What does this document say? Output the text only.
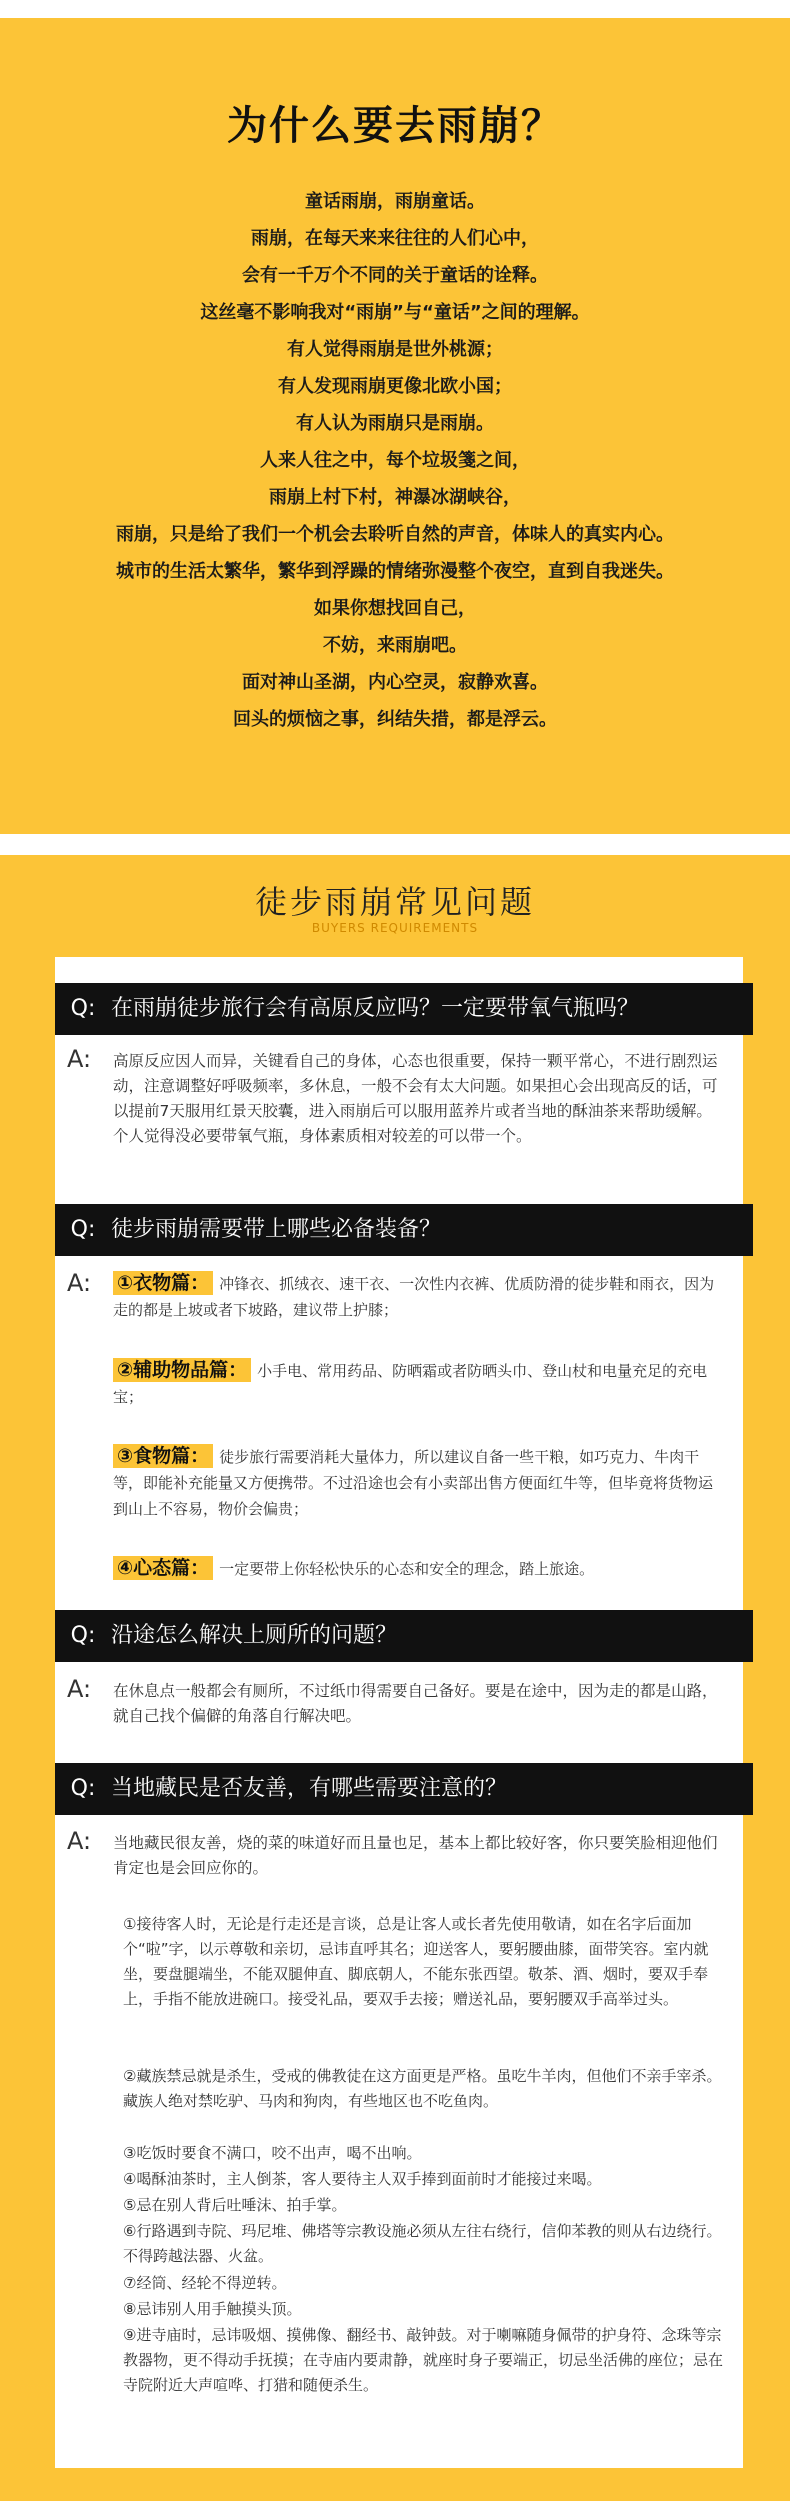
为什么要去雨崩？
童话雨崩，雨崩童话。
雨崩，在每天来来往往的人们心中，
会有一千万个不同的关于童话的诠释。
这丝毫不影响我对“雨崩”与“童话”之间的理解。
有人觉得雨崩是世外桃源；
有人发现雨崩更像北欧小国；
有人认为雨崩只是雨崩。
人来人往之中，每个垃圾箋之间，
雨崩上村下村，神瀑冰湖峡谷，
雨崩，只是给了我们一个机会去聆听自然的声音，体味人的真实内心。
城市的生活太繁华，繁华到浮躁的情绪弥漫整个夜空，直到自我迷失。
如果你想找回自己，
不妨，来雨崩吧。
面对神山圣湖，内心空灵，寂静欢喜。
回头的烦恼之事，纠结失措，都是浮云。
徒步雨崩常见问题
BUYERS REQUIREMENTS
Q: 在雨崩徒步旅行会有高原反应吗？一定要带氧气瓶吗？
A: 高原反应因人而异，关键看自己的身体，心态也很重要，保持一颗平常心，不进行剧烈运动，注意调整好呼吸频率，多休息，一般不会有太大问题。如果担心会出现高反的话，可以提前7天服用红景天胶囊，进入雨崩后可以服用蓝养片或者当地的酥油茶来帮助缓解。个人觉得没必要带氧气瓶，身体素质相对较差的可以带一个。
Q: 徒步雨崩需要带上哪些必备装备？
A: ①衣物篇： 冲锋衣、抓绒衣、速干衣、一次性内衣裤、优质防滑的徒步鞋和雨衣，因为走的都是上坡或者下坡路，建议带上护膝；
②辅助物品篇： 小手电、常用药品、防晒霜或者防晒头巾、登山杖和电量充足的充电宝；
③食物篇： 徒步旅行需要消耗大量体力，所以建议自备一些干粮，如巧克力、牛肉干等，即能补充能量又方便携带。不过沿途也会有小卖部出售方便面红牛等，但毕竟将货物运到山上不容易，物价会偏贵；
④心态篇： 一定要带上你轻松快乐的心态和安全的理念，踏上旅途。
Q: 沿途怎么解决上厕所的问题？
A: 在休息点一般都会有厕所，不过纸巾得需要自己备好。要是在途中，因为走的都是山路，就自己找个偏僻的角落自行解决吧。
Q: 当地藏民是否友善，有哪些需要注意的？
A: 当地藏民很友善，烧的菜的味道好而且量也足，基本上都比较好客，你只要笑脸相迎他们肯定也是会回应你的。
①接待客人时，无论是行走还是言谈，总是让客人或长者先使用敬请，如在名字后面加个“啦”字，以示尊敬和亲切，忌讳直呼其名；迎送客人，要躬腰曲膝，面带笑容。室内就坐，要盘腿端坐，不能双腿伸直、脚底朝人，不能东张西望。敬茶、酒、烟时，要双手奉上，手指不能放进碗口。接受礼品，要双手去接；赠送礼品，要躬腰双手高举过头。
②藏族禁忌就是杀生，受戒的佛教徒在这方面更是严格。虽吃牛羊肉，但他们不亲手宰杀。藏族人绝对禁吃驴、马肉和狗肉，有些地区也不吃鱼肉。
③吃饭时要食不满口，咬不出声，喝不出响。
④喝酥油茶时，主人倒茶，客人要待主人双手捧到面前时才能接过来喝。
⑤忌在别人背后吐唾沫、拍手掌。
⑥行路遇到寺院、玛尼堆、佛塔等宗教设施必须从左往右绕行，信仰苯教的则从右边绕行。不得跨越法器、火盆。
⑦经筒、经轮不得逆转。
⑧忌讳别人用手触摸头顶。
⑨进寺庙时，忌讳吸烟、摸佛像、翻经书、敲钟鼓。对于喇嘛随身佩带的护身符、念珠等宗教器物，更不得动手抚摸；在寺庙内要肃静，就座时身子要端正，切忌坐活佛的座位；忌在寺院附近大声喧哗、打猎和随便杀生。
